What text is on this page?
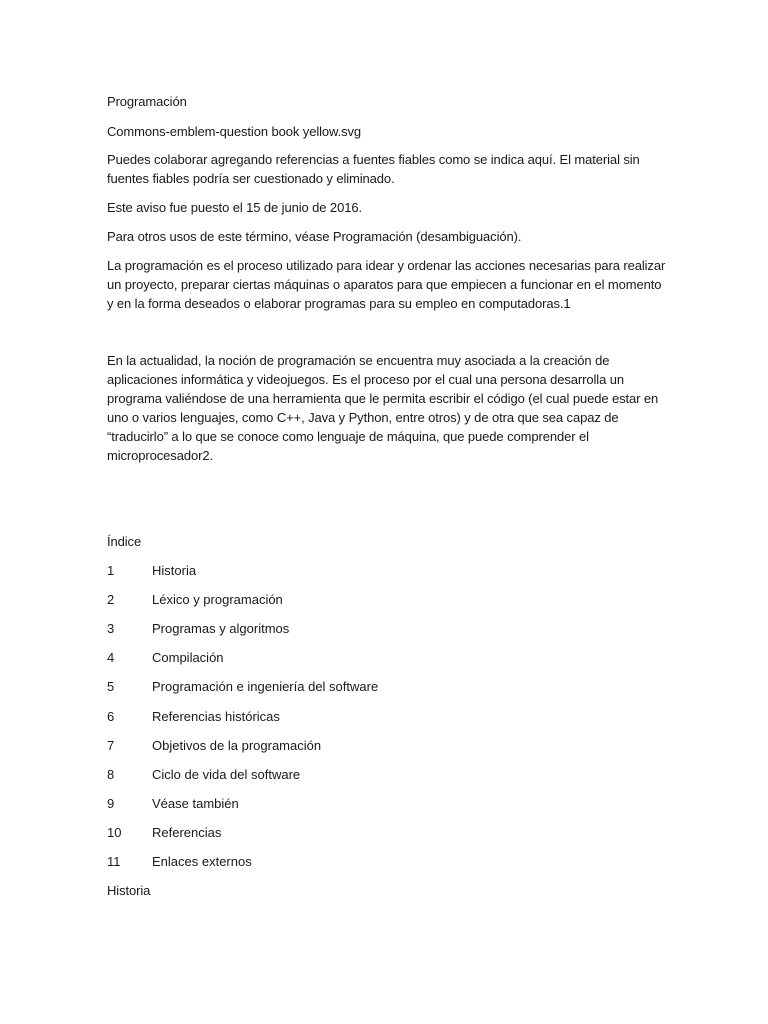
Programación

Commons-emblem-question book yellow.svg

Puedes colaborar agregando referencias a fuentes fiables como se indica aquí. El material sin
fuentes fiables podría ser cuestionado y eliminado.

Este aviso fue puesto el 15 de junio de 2016.

Para otros usos de este término, véase Programación (desambiguación).

La programación es el proceso utilizado para idear y ordenar las acciones necesarias para realizar
un proyecto, preparar ciertas máquinas o aparatos para que empiecen a funcionar en el momento
y en la forma deseados o elaborar programas para su empleo en computadoras.1
En la actualidad, la noción de programación se encuentra muy asociada a la creación de
aplicaciones informática y videojuegos. Es el proceso por el cual una persona desarrolla un
programa valiéndose de una herramienta que le permita escribir el código (el cual puede estar en
uno o varios lenguajes, como C++, Java y Python, entre otros) y de otra que sea capaz de
“traducirlo” a lo que se conoce como lenguaje de máquina, que puede comprender el
microprocesador2.

Índice

1	Historia
2	Léxico y programación
3	Programas y algoritmos
4	Compilación
5	Programación e ingeniería del software
6	Referencias históricas
7	Objetivos de la programación
8	Ciclo de vida del software
9	Véase también
10 Referencias
11 Enlaces externos

Historia
